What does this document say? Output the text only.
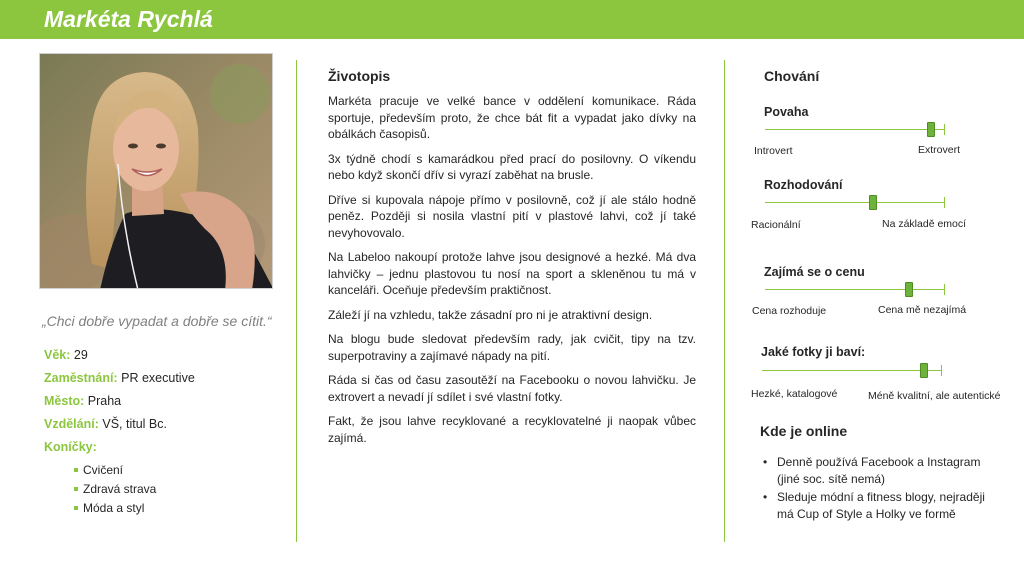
Markéta Rychlá
„Chci dobře vypadat a dobře se cítit.“
Věk: 29
Zaměstnání: PR executive
Město: Praha
Vzdělání: VŠ, titul Bc.
Koníčky:
Cvičení
Zdravá strava
Móda a styl
Životopis

Markéta pracuje ve velké bance v oddělení komunikace. Ráda sportuje, především proto, že chce bát fit a vypadat jako dívky na obálkách časopisů.

3x týdně chodí s kamarádkou před prací do posilovny. O víkendu nebo když skončí dřív si vyrazí zaběhat na brusle.

Dříve si kupovala nápoje přímo v posilovně, což jí ale stálo hodně peněz. Později si nosila vlastní pití v plastové lahvi, což jí také nevyhovovalo.

Na Labeloo nakoupí protože lahve jsou designové a hezké. Má dva lahvičky – jednu plastovou tu nosí na sport a skleněnou tu má v kanceláři. Oceňuje především praktičnost.

Záleží jí na vzhledu, takže zásadní pro ni je atraktivní design.

Na blogu bude sledovat především rady, jak cvičit, tipy na tzv. superpotraviny a zajímavé nápady na pití.

Ráda si čas od času zasoutěží na Facebooku o novou lahvičku. Je extrovert a nevadí jí sdílet i své vlastní fotky.

Fakt, že jsou lahve recyklované a recyklovatelné ji naopak vůbec zajímá.

Chování
Povaha
Introvert	Extrovert
Rozhodování
Racionální	Na základě emocí
Zajímá se o cenu
Cena rozhoduje	Cena mě nezajímá
Jaké fotky ji baví:
Hezké, katalogové	Méně kvalitní, ale autentické
Kde je online
• Denně používá Facebook a Instagram (jiné soc. sítě nemá)
• Sleduje módní a fitness blogy, nejraději má Cup of Style a Holky ve formě
